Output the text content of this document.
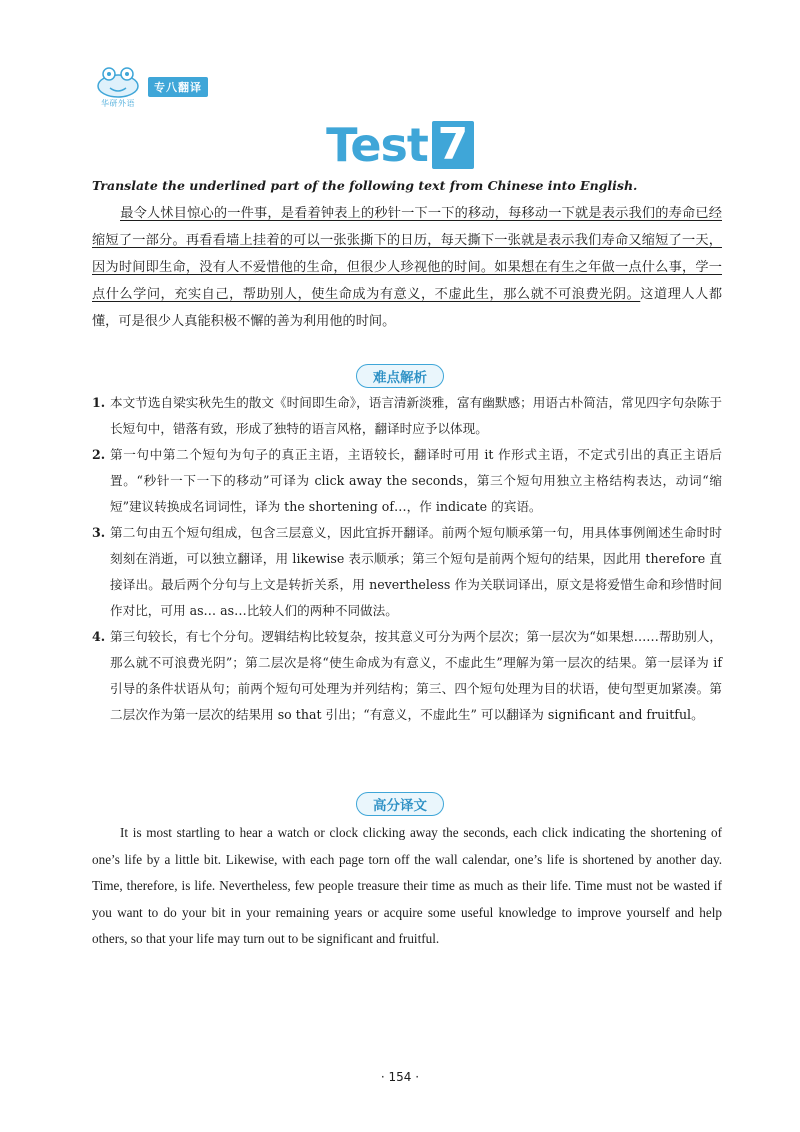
华研外语
专八翻译
Test 7
Translate the underlined part of the following text from Chinese into English.
最令人怵目惊心的一件事，是看着钟表上的秒针一下一下的移动，每移动一下就是表示我们的寿命已经缩短了一部分。再看看墙上挂着的可以一张张撕下的日历，每天撕下一张就是表示我们寿命又缩短了一天，因为时间即生命，没有人不爱惜他的生命，但很少人珍视他的时间。如果想在有生之年做一点什么事，学一点什么学问，充实自己，帮助别人，使生命成为有意义，不虚此生，那么就不可浪费光阴。这道理人人都懂，可是很少人真能积极不懈的善为利用他的时间。
难点解析
1. 本文节选自梁实秋先生的散文《时间即生命》，语言清新淡雅，富有幽默感；用语古朴简洁，常见四字句杂陈于长短句中，错落有致，形成了独特的语言风格，翻译时应予以体现。
2. 第一句中第二个短句为句子的真正主语，主语较长，翻译时可用 it 作形式主语，不定式引出的真正主语后置。“秒针一下一下的移动”可译为 click away the seconds，第三个短句用独立主格结构表达，动词“缩短”建议转换成名词词性，译为 the shortening of…，作 indicate 的宾语。
3. 第二句由五个短句组成，包含三层意义，因此宜拆开翻译。前两个短句顺承第一句，用具体事例阐述生命时时刻刻在消逝，可以独立翻译，用 likewise 表示顺承；第三个短句是前两个短句的结果，因此用 therefore 直接译出。最后两个分句与上文是转折关系，用 nevertheless 作为关联词译出，原文是将爱惜生命和珍惜时间作对比，可用 as… as…比较人们的两种不同做法。
4. 第三句较长，有七个分句。逻辑结构比较复杂，按其意义可分为两个层次；第一层次为“如果想……帮助别人，那么就不可浪费光阴”；第二层次是将“使生命成为有意义，不虚此生”理解为第一层次的结果。第一层译为 if 引导的条件状语从句；前两个短句可处理为并列结构；第三、四个短句处理为目的状语，使句型更加紧凑。第二层次作为第一层次的结果用 so that 引出；“有意义，不虚此生” 可以翻译为 significant and fruitful。
高分译文
It is most startling to hear a watch or clock clicking away the seconds, each click indicating the shortening of one’s life by a little bit. Likewise, with each page torn off the wall calendar, one’s life is shortened by another day. Time, therefore, is life. Nevertheless, few people treasure their time as much as their life. Time must not be wasted if you want to do your bit in your remaining years or acquire some useful knowledge to improve yourself and help others, so that your life may turn out to be significant and fruitful.
· 154 ·
